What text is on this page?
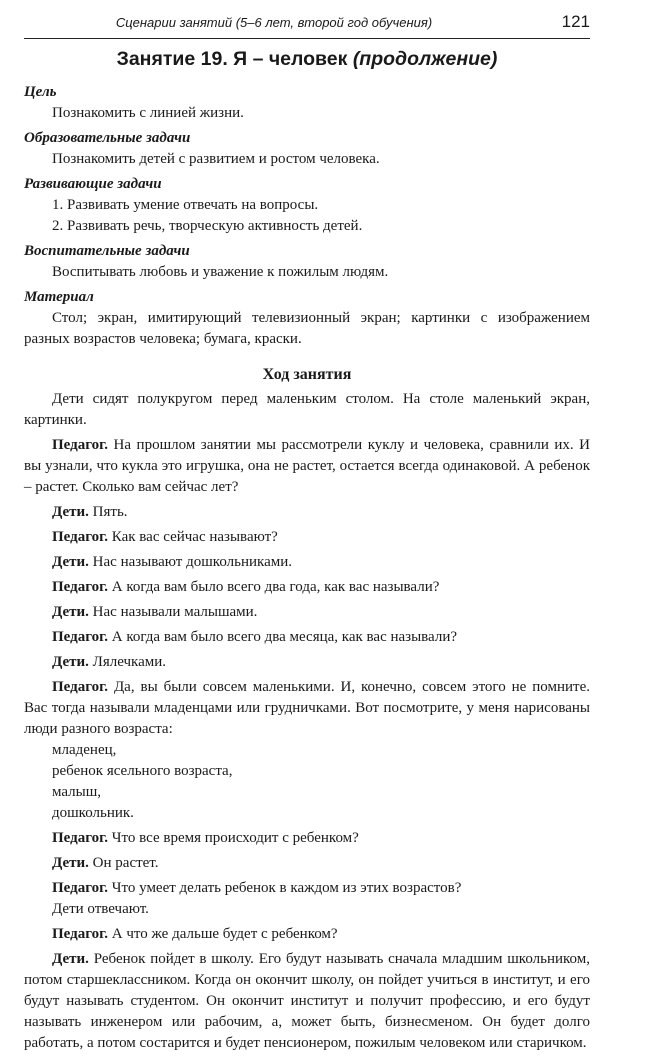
Сценарии занятий (5–6 лет, второй год обучения)	121
Занятие 19. Я – человек (продолжение)
Цель
Познакомить с линией жизни.
Образовательные задачи
Познакомить детей с развитием и ростом человека.
Развивающие задачи
1. Развивать умение отвечать на вопросы.
2. Развивать речь, творческую активность детей.
Воспитательные задачи
Воспитывать любовь и уважение к пожилым людям.
Материал
Стол; экран, имитирующий телевизионный экран; картинки с изображением разных возрастов человека; бумага, краски.
Ход занятия
Дети сидят полукругом перед маленьким столом. На столе маленький экран, картинки.
Педагог. На прошлом занятии мы рассмотрели куклу и человека, сравнили их. И вы узнали, что кукла это игрушка, она не растет, остается всегда одинаковой. А ребенок – растет. Сколько вам сейчас лет?
Дети. Пять.
Педагог. Как вас сейчас называют?
Дети. Нас называют дошкольниками.
Педагог. А когда вам было всего два года, как вас называли?
Дети. Нас называли малышами.
Педагог. А когда вам было всего два месяца, как вас называли?
Дети. Лялечками.
Педагог. Да, вы были совсем маленькими. И, конечно, совсем этого не помните. Вас тогда называли младенцами или грудничками. Вот посмотрите, у меня нарисованы люди разного возраста:
младенец,
ребенок ясельного возраста,
малыш,
дошкольник.
Педагог. Что все время происходит с ребенком?
Дети. Он растет.
Педагог. Что умеет делать ребенок в каждом из этих возрастов?
Дети отвечают.
Педагог. А что же дальше будет с ребенком?
Дети. Ребенок пойдет в школу. Его будут называть сначала младшим школьником, потом старшеклассником. Когда он окончит школу, он пойдет учиться в институт, и его будут называть студентом. Он окончит институт и получит профессию, и его будут называть инженером или рабочим, а, может быть, бизнесменом. Он будет долго работать, а потом состарится и будет пенсионером, пожилым человеком или старичком.
